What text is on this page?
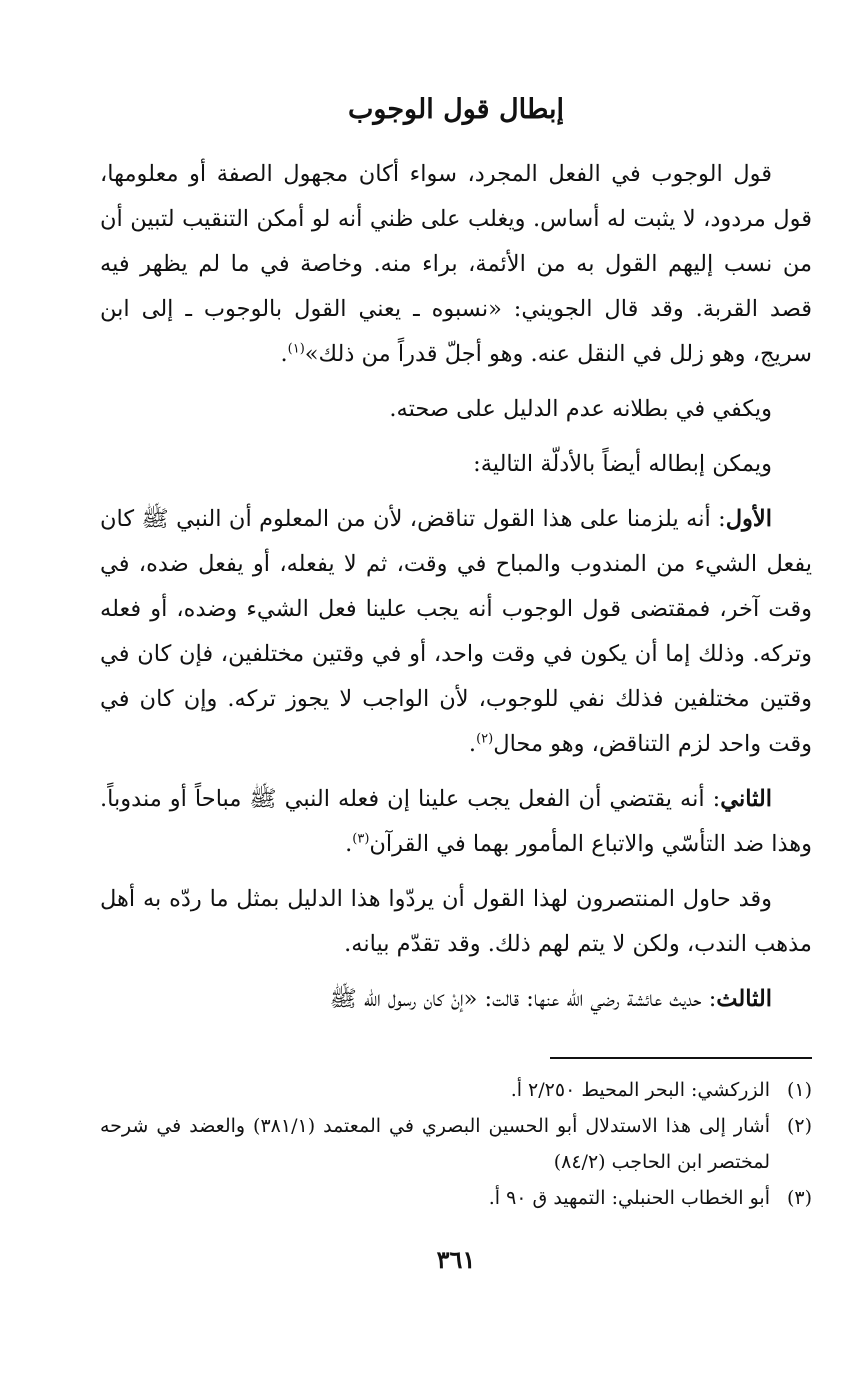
إبطال قول الوجوب

قول الوجوب في الفعل المجرد، سواء أكان مجهول الصفة أو معلومها، قول مردود، لا يثبت له أساس. ويغلب على ظني أنه لو أمكن التنقيب لتبين أن من نسب إليهم القول به من الأئمة، براء منه. وخاصة في ما لم يظهر فيه قصد القربة. وقد قال الجويني: «نسبوه ـ يعني القول بالوجوب ـ إلى ابن سريج، وهو زلل في النقل عنه. وهو أجلّ قدراً من ذلك»$^{(١)}$.

ويكفي في بطلانه عدم الدليل على صحته.

ويمكن إبطاله أيضاً بالأدلّة التالية:

الأول: أنه يلزمنا على هذا القول تناقض، لأن من المعلوم أن النبي ﷺ كان يفعل الشيء من المندوب والمباح في وقت، ثم لا يفعله، أو يفعل ضده، في وقت آخر، فمقتضى قول الوجوب أنه يجب علينا فعل الشيء وضده، أو فعله وتركه. وذلك إما أن يكون في وقت واحد، أو في وقتين مختلفين، فإن كان في وقتين مختلفين فذلك نفي للوجوب، لأن الواجب لا يجوز تركه. وإن كان في وقت واحد لزم التناقض، وهو محال$^{(٢)}$.

الثاني: أنه يقتضي أن الفعل يجب علينا إن فعله النبي ﷺ مباحاً أو مندوباً. وهذا ضد التأسّي والاتباع المأمور بهما في القرآن$^{(٣)}$.

وقد حاول المنتصرون لهذا القول أن يردّوا هذا الدليل بمثل ما ردّه به أهل مذهب الندب، ولكن لا يتم لهم ذلك. وقد تقدّم بيانه.

الثالث: حديث عائشة رضي الله عنها: قالت: «إنْ كان رسول الله ﷺ

(١)
الزركشي: البحر المحيط ٢/٢٥٠ أ.

(٢)
أشار إلى هذا الاستدلال أبو الحسين البصري في المعتمد (٣٨١/١) والعضد في شرحه لمختصر ابن الحاجب (٨٤/٢)

(٣)
أبو الخطاب الحنبلي: التمهيد ق ٩٠ أ.

٣٦١
